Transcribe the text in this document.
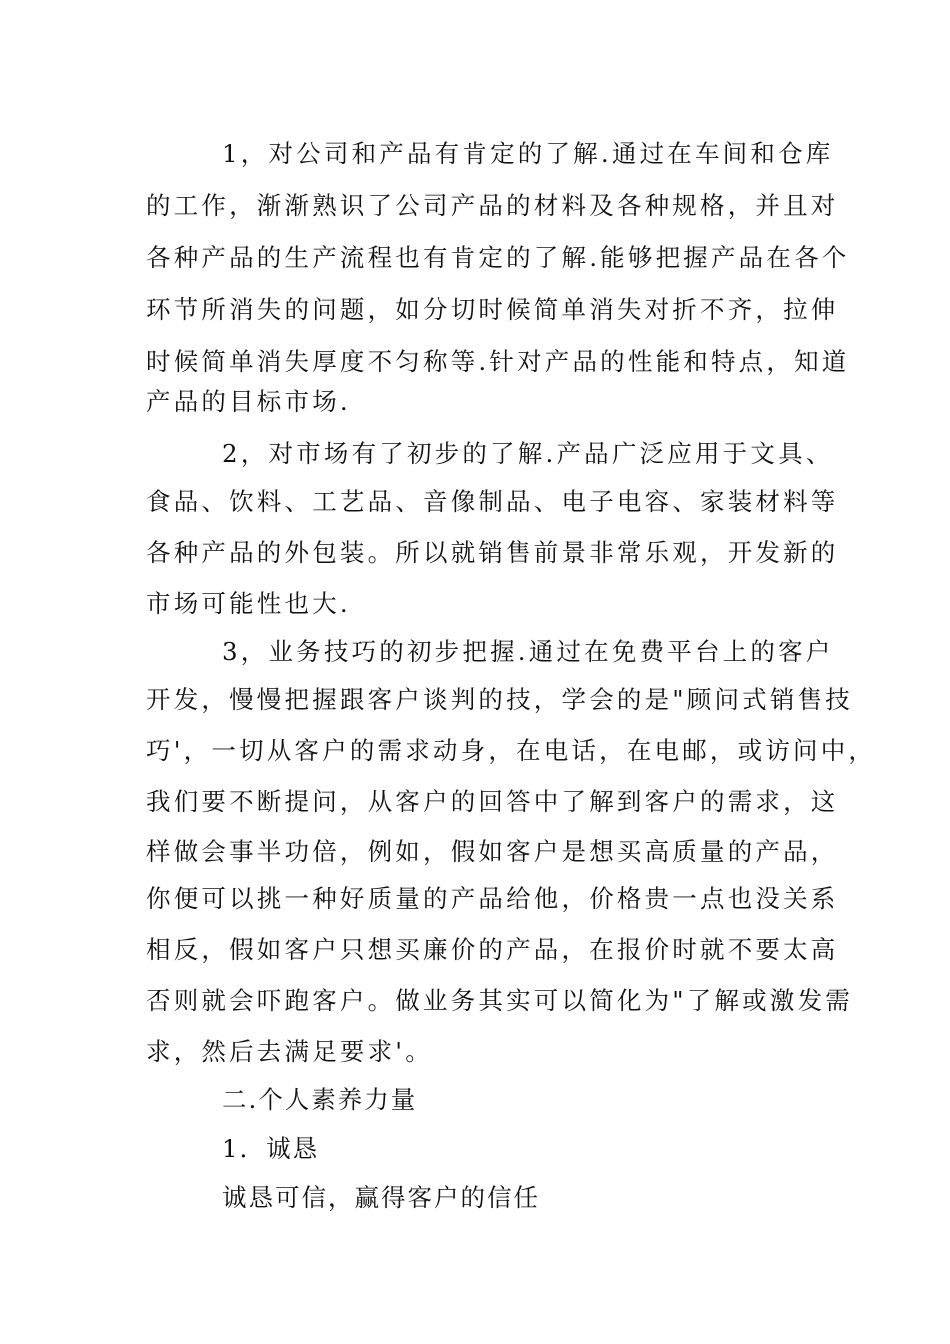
1，对公司和产品有肯定的了解.通过在车间和仓库
的工作，渐渐熟识了公司产品的材料及各种规格，并且对
各种产品的生产流程也有肯定的了解.能够把握产品在各个
环节所消失的问题，如分切时候简单消失对折不齐，拉伸
时候简单消失厚度不匀称等.针对产品的性能和特点，知道
产品的目标市场.
2，对市场有了初步的了解.产品广泛应用于文具、
食品、饮料、工艺品、音像制品、电子电容、家装材料等
各种产品的外包装。所以就销售前景非常乐观，开发新的
市场可能性也大.
3，业务技巧的初步把握.通过在免费平台上的客户
开发，慢慢把握跟客户谈判的技，学会的是"顾问式销售技
巧'，一切从客户的需求动身，在电话，在电邮，或访问中，
我们要不断提问，从客户的回答中了解到客户的需求，这
样做会事半功倍，例如，假如客户是想买高质量的产品，
你便可以挑一种好质量的产品给他，价格贵一点也没关系
相反，假如客户只想买廉价的产品，在报价时就不要太高
否则就会吓跑客户。做业务其实可以简化为"了解或激发需
求，然后去满足要求'。
二.个人素养力量
1．诚恳
诚恳可信，赢得客户的信任
